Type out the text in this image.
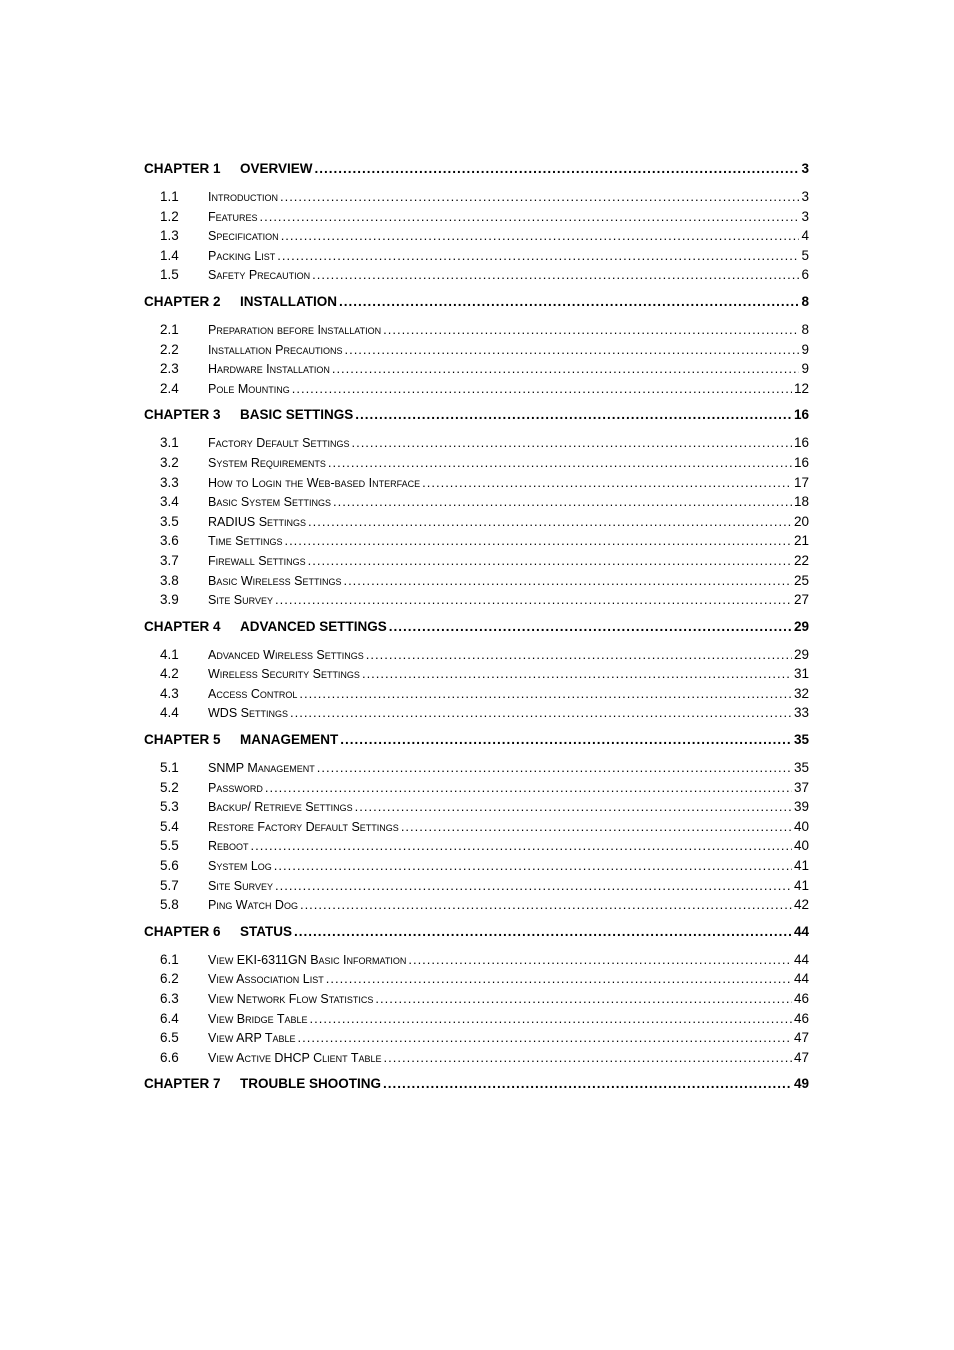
CHAPTER 1	OVERVIEW .....	3
1.1	Introduction .....	3
1.2	Features .....	3
1.3	Specification .....	4
1.4	Packing List .....	5
1.5	Safety Precaution .....	6
CHAPTER 2	INSTALLATION .....	8
2.1	Preparation before Installation .....	8
2.2	Installation Precautions .....	9
2.3	Hardware Installation .....	9
2.4	Pole Mounting .....	12
CHAPTER 3	BASIC SETTINGS .....	16
3.1	Factory Default Settings .....	16
3.2	System Requirements .....	16
3.3	How to Login the Web-based Interface .....	17
3.4	Basic System Settings .....	18
3.5	RADIUS Settings .....	20
3.6	Time Settings .....	21
3.7	Firewall Settings .....	22
3.8	Basic Wireless Settings .....	25
3.9	Site Survey .....	27
CHAPTER 4	ADVANCED SETTINGS .....	29
4.1	Advanced Wireless Settings .....	29
4.2	Wireless Security Settings .....	31
4.3	Access Control .....	32
4.4	WDS Settings .....	33
CHAPTER 5	MANAGEMENT .....	35
5.1	SNMP Management .....	35
5.2	Password .....	37
5.3	Backup/ Retrieve Settings .....	39
5.4	Restore Factory Default Settings .....	40
5.5	Reboot .....	40
5.6	System Log .....	41
5.7	Site Survey .....	41
5.8	Ping Watch Dog .....	42
CHAPTER 6	STATUS .....	44
6.1	View EKI-6311GN Basic Information .....	44
6.2	View Association List .....	44
6.3	View Network Flow Statistics .....	46
6.4	View Bridge Table .....	46
6.5	View ARP Table .....	47
6.6	View Active DHCP Client Table .....	47
CHAPTER 7	TROUBLE SHOOTING .....	49
